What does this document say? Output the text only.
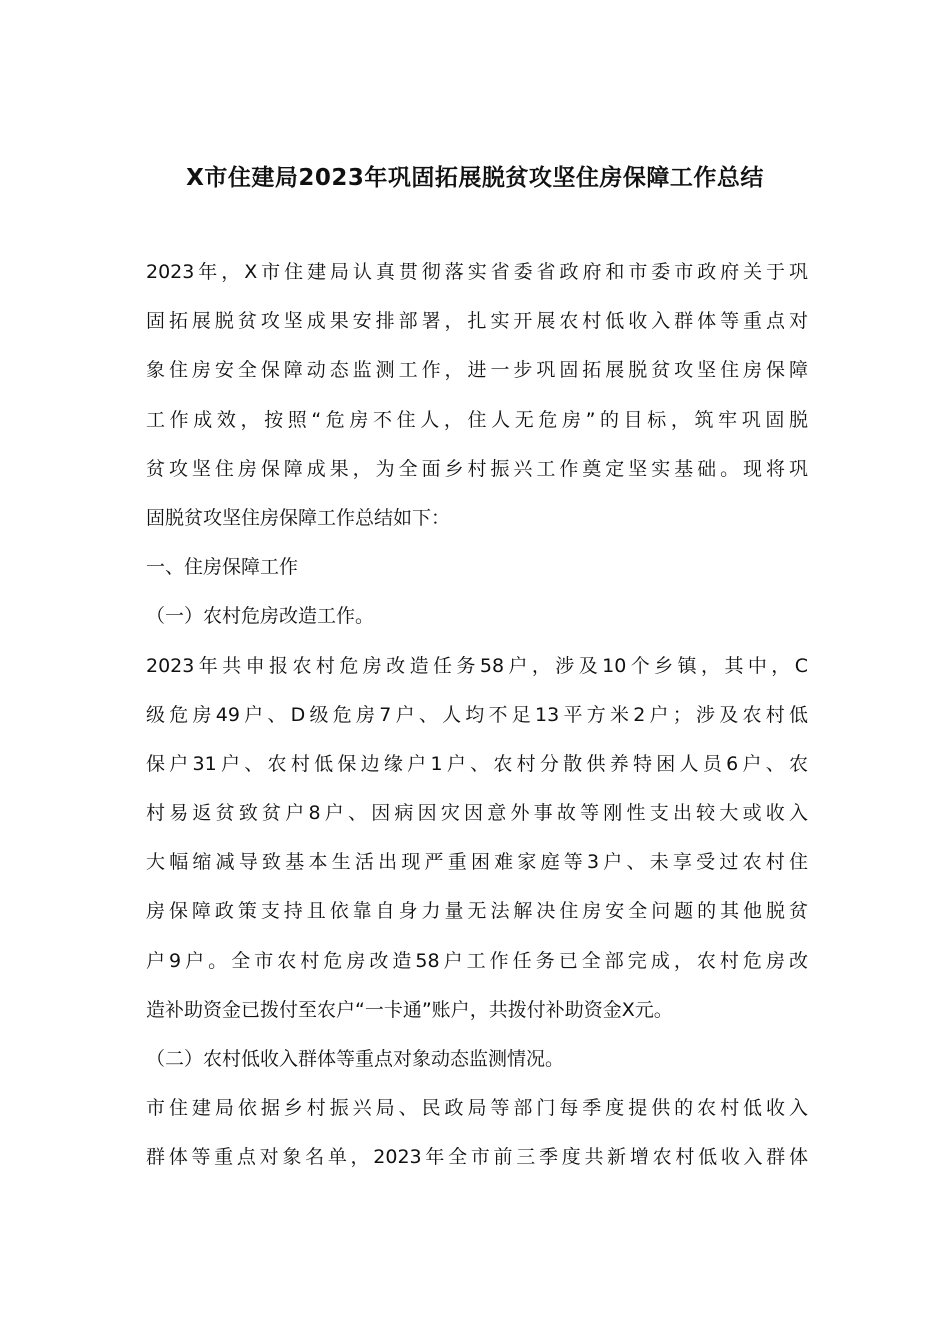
X市住建局2023年巩固拓展脱贫攻坚住房保障工作总结
2023年，X市住建局认真贯彻落实省委省政府和市委市政府关于巩
固拓展脱贫攻坚成果安排部署，扎实开展农村低收入群体等重点对
象住房安全保障动态监测工作，进一步巩固拓展脱贫攻坚住房保障
工作成效，按照“危房不住人，住人无危房”的目标，筑牢巩固脱
贫攻坚住房保障成果，为全面乡村振兴工作奠定坚实基础。现将巩
固脱贫攻坚住房保障工作总结如下：
一、住房保障工作
（一）农村危房改造工作。
2023年共申报农村危房改造任务58户，涉及10个乡镇，其中，C
级危房49户、D级危房7户、人均不足13平方米2户；涉及农村低
保户31户、农村低保边缘户1户、农村分散供养特困人员6户、农
村易返贫致贫户8户、因病因灾因意外事故等刚性支出较大或收入
大幅缩减导致基本生活出现严重困难家庭等3户、未享受过农村住
房保障政策支持且依靠自身力量无法解决住房安全问题的其他脱贫
户9户。全市农村危房改造58户工作任务已全部完成，农村危房改
造补助资金已拨付至农户“一卡通”账户，共拨付补助资金X元。
（二）农村低收入群体等重点对象动态监测情况。
市住建局依据乡村振兴局、民政局等部门每季度提供的农村低收入
群体等重点对象名单，2023年全市前三季度共新增农村低收入群体
